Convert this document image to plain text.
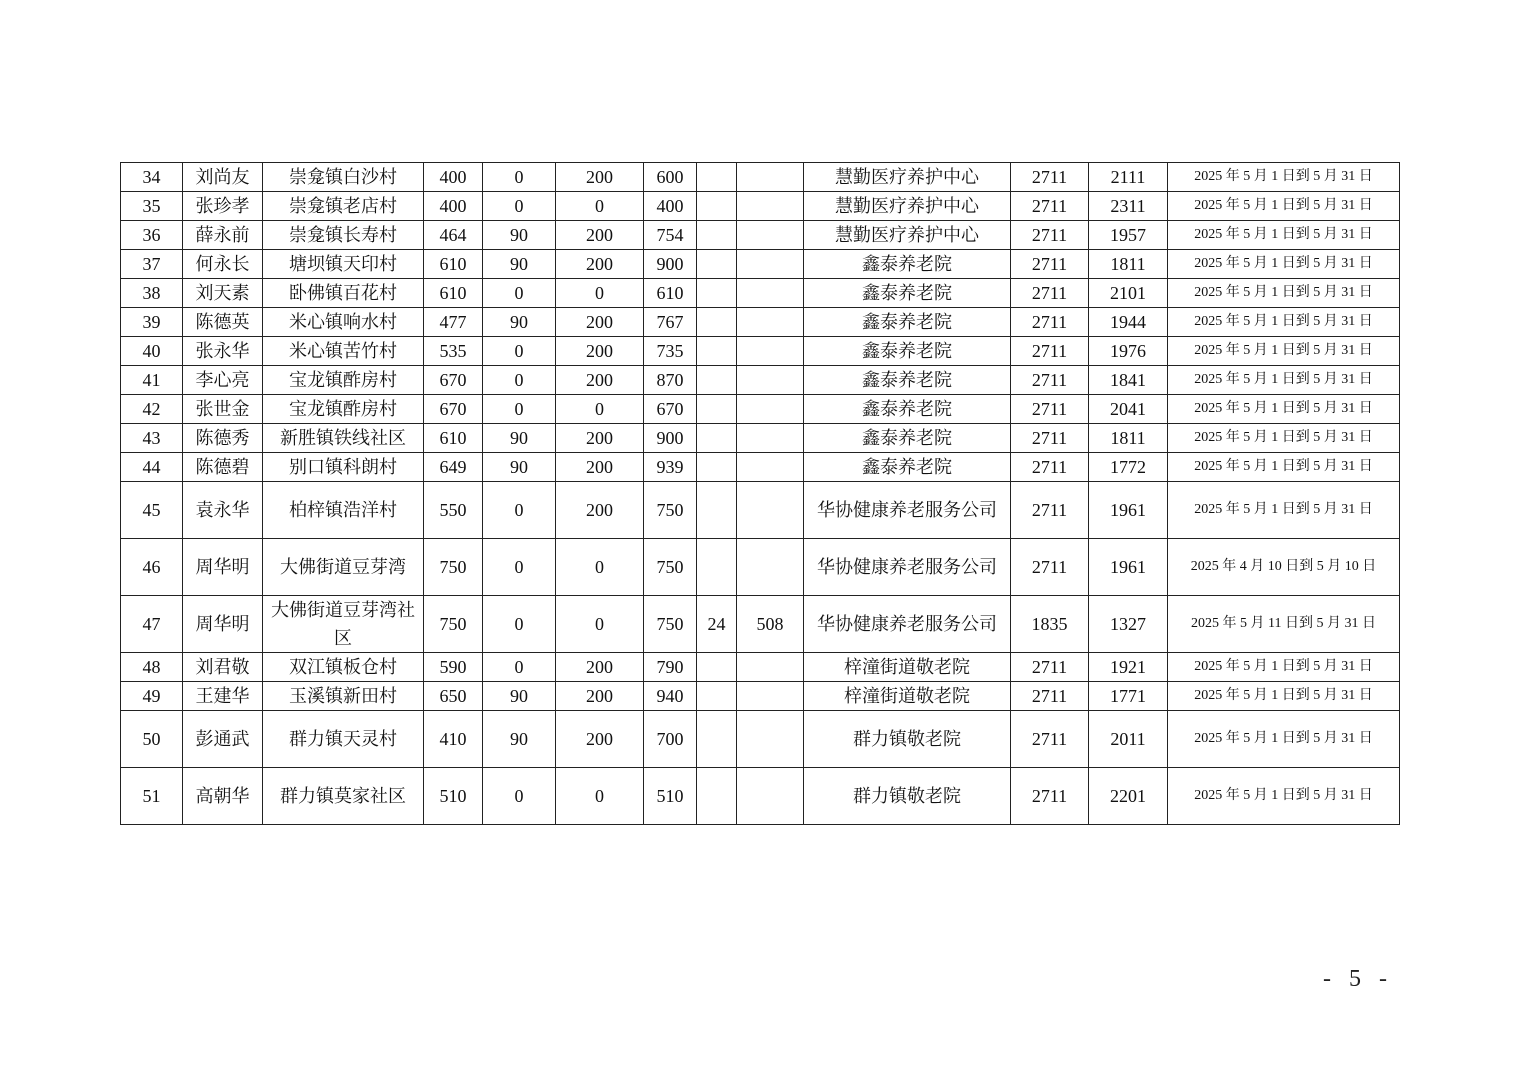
34	刘尚友	崇龛镇白沙村	400	0	200	600			慧勤医疗养护中心	2711	2111	2025 年 5 月 1 日到 5 月 31 日
35	张珍孝	崇龛镇老店村	400	0	0	400			慧勤医疗养护中心	2711	2311	2025 年 5 月 1 日到 5 月 31 日
36	薛永前	崇龛镇长寿村	464	90	200	754			慧勤医疗养护中心	2711	1957	2025 年 5 月 1 日到 5 月 31 日
37	何永长	塘坝镇天印村	610	90	200	900			鑫泰养老院	2711	1811	2025 年 5 月 1 日到 5 月 31 日
38	刘天素	卧佛镇百花村	610	0	0	610			鑫泰养老院	2711	2101	2025 年 5 月 1 日到 5 月 31 日
39	陈德英	米心镇响水村	477	90	200	767			鑫泰养老院	2711	1944	2025 年 5 月 1 日到 5 月 31 日
40	张永华	米心镇苦竹村	535	0	200	735			鑫泰养老院	2711	1976	2025 年 5 月 1 日到 5 月 31 日
41	李心亮	宝龙镇酢房村	670	0	200	870			鑫泰养老院	2711	1841	2025 年 5 月 1 日到 5 月 31 日
42	张世金	宝龙镇酢房村	670	0	0	670			鑫泰养老院	2711	2041	2025 年 5 月 1 日到 5 月 31 日
43	陈德秀	新胜镇铁线社区	610	90	200	900			鑫泰养老院	2711	1811	2025 年 5 月 1 日到 5 月 31 日
44	陈德碧	别口镇科朗村	649	90	200	939			鑫泰养老院	2711	1772	2025 年 5 月 1 日到 5 月 31 日
45	袁永华	柏梓镇浩洋村	550	0	200	750			华协健康养老服务公司	2711	1961	2025 年 5 月 1 日到 5 月 31 日
46	周华明	大佛街道豆芽湾	750	0	0	750			华协健康养老服务公司	2711	1961	2025 年 4 月 10 日到 5 月 10 日
47	周华明	大佛街道豆芽湾社区	750	0	0	750	24	508	华协健康养老服务公司	1835	1327	2025 年 5 月 11 日到 5 月 31 日
48	刘君敬	双江镇板仓村	590	0	200	790			梓潼街道敬老院	2711	1921	2025 年 5 月 1 日到 5 月 31 日
49	王建华	玉溪镇新田村	650	90	200	940			梓潼街道敬老院	2711	1771	2025 年 5 月 1 日到 5 月 31 日
50	彭通武	群力镇天灵村	410	90	200	700			群力镇敬老院	2711	2011	2025 年 5 月 1 日到 5 月 31 日
51	高朝华	群力镇莫家社区	510	0	0	510			群力镇敬老院	2711	2201	2025 年 5 月 1 日到 5 月 31 日
- 5 -
